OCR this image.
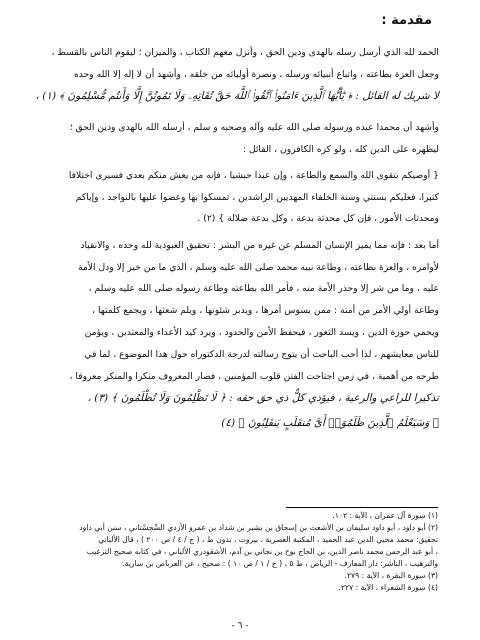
مقدمة :
الحمد لله الذي أرسل رسله بالهدى ودين الحق ، وأنزل معهم الكتاب ، والميزان ؛ ليقوم الناس بالقسط ،
وجعل العزة بطاعته ، واتباع أنبيائه ورسله ، ونصرة أوليائه من خلقه ، وأشهد أن لا إله إلا الله وحده
لا شريك له القائل : ﴿ يَٰٓأَيُّهَا ٱلَّذِينَ ءَامَنُوا۟ ٱتَّقُوا۟ ٱللَّهَ حَقَّ تُقَاتِهِۦ وَلَا تَمُوتُنَّ إِلَّا وَأَنتُم مُّسْلِمُونَ ﴾ (١) ،
وأشهد أن محمدا عبده ورسوله صلى الله عليه وآله وصحبه و سلم ، أرسله الله بالهدى ودين الحق ؛
ليظهره على الدين كله ، ولو كره الكافرون ، القائل :
{ أوصيكم بتقوى الله والسمع والطاعة ، وإن عبدا حبشيا ، فإنه من يعش منكم بعدي فسيرى اختلافا
كثيرا، فعليكم بسنتي وسنة الخلفاء المهديين الراشدين ، تمسكوا بها وعضوا عليها بالنواجذ ، وإياكم
ومحدثات الأمور ، فإن كل محدثة بدعة ، وكل بدعة ضلالة } (٢) .
أما بعد : فإنه مما يميز الإنسان المسلم عن غيره من البشر : تحقيق العبودية لله وحده ، والانقياد
لأوامره ، والعزة بطاعته ، وطاعة نبيه محمد صلى الله عليه وسلم ، الذي ما من خير إلا ودل الأمة
عليه ، وما من شر إلا وحذر الأمة منه ، فأمر الله بطاعته وطاعة رسوله صلى الله عليه وسلم ،
وطاعة أولي الأمر من أمته : ممن يسوس أمرها ، ويدبر شئونها ، ويلم شعثها ، ويجمع كلمتها ،
ويحمي حوزة الدين ، ويسد الثغور ، فيحفظ الأمن والحدود ، ويرد كيد الأعداء والمعتدين ، ويؤمن
للناس معايشهم ، لذا أحب الباحث أن يتوج رسالته لدرجة الدكتوراه حول هذا الموضوع ، لما في
طرحه من أهمية ، في زمن اجتاحت الفتن قلوب المؤمنين ، فصار المعروف منكرا والمنكر معروفا ،
تذكيرا للراعي والرعية ، فيؤدي كلٌّ ذي حق حقه : ﴿ لَا تَظْلِمُونَ وَلَا تُظْلَمُونَ ﴾ (٣) ،
﴿ وَسَيَعْلَمُ ٱلَّذِينَ ظَلَمُوٓا۟ أَىَّ مُنقَلَبٍ يَنقَلِبُونَ ﴾ (٤)
(١) سورة آل عمران ، الآية : ١٠٢.
(٢) أبو داود ، أبو داود سليمان بن الأشعث بن إسحاق بن بشير بن شداد بن عمرو الأزدي السِّجِسْتاني ، سنن أبي داود
تحقيق: محمد محيي الدين عبد الحميد ، المكتبة العصرية ، بيروت ، بدون ط ، ( ج / ٤ / ص ٢٠٠ ) ، قال الألباني
، أبو عبد الرحمن محمد ناصر الدين، بن الحاج نوح بن نجاتي بن آدم، الأشقودري الألباني ، في كتابه صحيح الترغيب
والترهيب ، الناشر: دار المعارف - الرياض ، ط ٥ ، ( ج / ١ / ص ١٠ ) : صحيح ، عن العرباض بن سارية.
(٣) سورة البقرة ، الآية : ٢٧٩.
(٤) سورة الشعراء ، الآية : ٢٢٧.
- ٦ -
